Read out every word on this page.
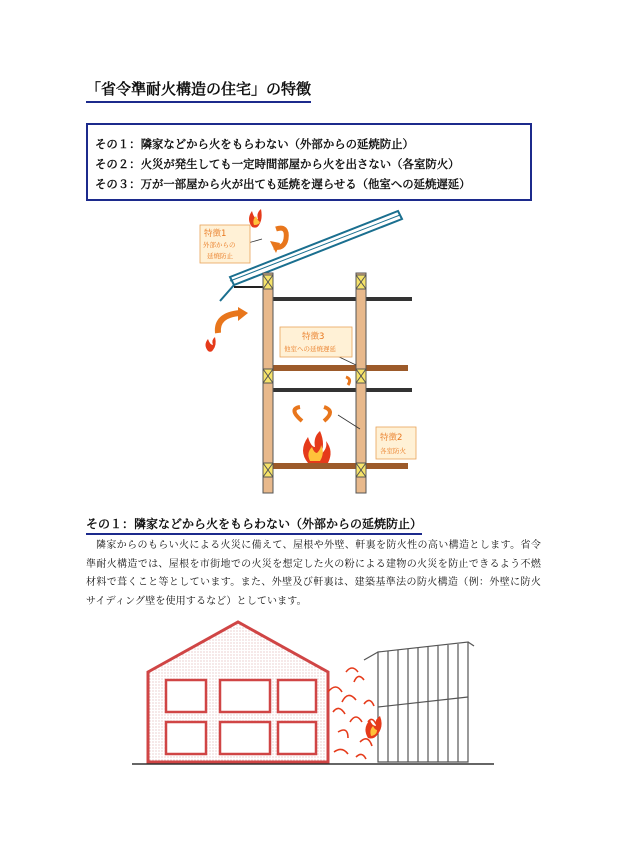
「省令準耐火構造の住宅」の特徴
その１：隣家などから火をもらわない（外部からの延焼防止）
その２：火災が発生しても一定時間部屋から火を出さない（各室防火）
その３：万が一部屋から火が出ても延焼を遅らせる（他室への延焼遅延）
特徴1
外部からの
延焼防止
特徴3
他室への延焼遅延
特徴2
各室防火
その１：隣家などから火をもらわない（外部からの延焼防止）
隣家からのもらい火による火災に備えて、屋根や外壁、軒裏を防火性の高い構造とします。省令準耐火構造では、屋根を市街地での火災を想定した火の粉による建物の火災を防止できるよう不燃材料で葺くこと等としています。また、外壁及び軒裏は、建築基準法の防火構造（例：外壁に防火サイディング壁を使用するなど）としています。
